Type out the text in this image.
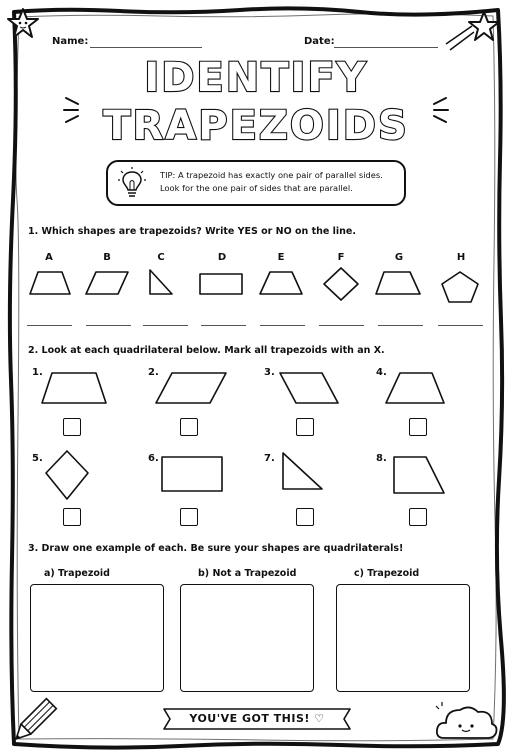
Name:	Date:
IDENTIFY
TRAPEZOIDS
TIP: A trapezoid has exactly one pair of parallel sides.
Look for the one pair of sides that are parallel.
1. Which shapes are trapezoids? Write YES or NO on the line.
A	B	C	D	E	F	G	H
2. Look at each quadrilateral below. Mark all trapezoids with an X.
1.	2.	3.	4.
5.	6.	7.	8.
3. Draw one example of each. Be sure your shapes are quadrilaterals!
a) Trapezoid	b) Not a Trapezoid	c) Trapezoid
YOU'VE GOT THIS! ♡
